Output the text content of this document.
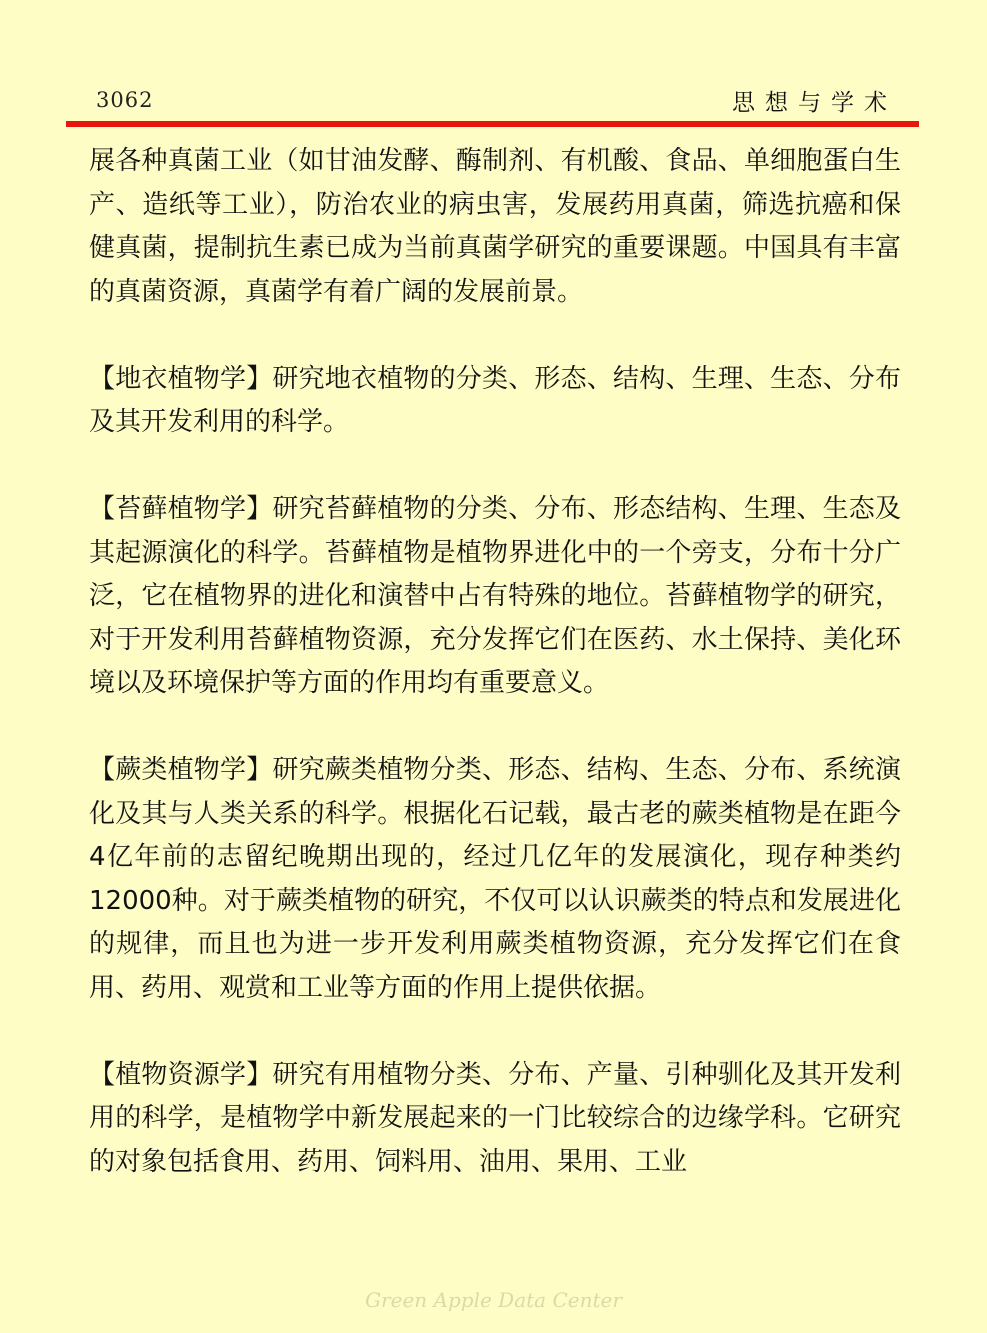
3062	思想与学术

展各种真菌工业（如甘油发酵、酶制剂、有机酸、食品、单细胞蛋白生产、造纸等工业），防治农业的病虫害，发展药用真菌，筛选抗癌和保健真菌，提制抗生素已成为当前真菌学研究的重要课题。中国具有丰富的真菌资源，真菌学有着广阔的发展前景。

【地衣植物学】研究地衣植物的分类、形态、结构、生理、生态、分布及其开发利用的科学。

【苔藓植物学】研究苔藓植物的分类、分布、形态结构、生理、生态及其起源演化的科学。苔藓植物是植物界进化中的一个旁支，分布十分广泛，它在植物界的进化和演替中占有特殊的地位。苔藓植物学的研究，对于开发利用苔藓植物资源，充分发挥它们在医药、水土保持、美化环境以及环境保护等方面的作用均有重要意义。

【蕨类植物学】研究蕨类植物分类、形态、结构、生态、分布、系统演化及其与人类关系的科学。根据化石记载，最古老的蕨类植物是在距今4亿年前的志留纪晚期出现的，经过几亿年的发展演化，现存种类约12000种。对于蕨类植物的研究，不仅可以认识蕨类的特点和发展进化的规律，而且也为进一步开发利用蕨类植物资源，充分发挥它们在食用、药用、观赏和工业等方面的作用上提供依据。

【植物资源学】研究有用植物分类、分布、产量、引种驯化及其开发利用的科学，是植物学中新发展起来的一门比较综合的边缘学科。它研究的对象包括食用、药用、饲料用、油用、果用、工业

Green Apple Data Center
